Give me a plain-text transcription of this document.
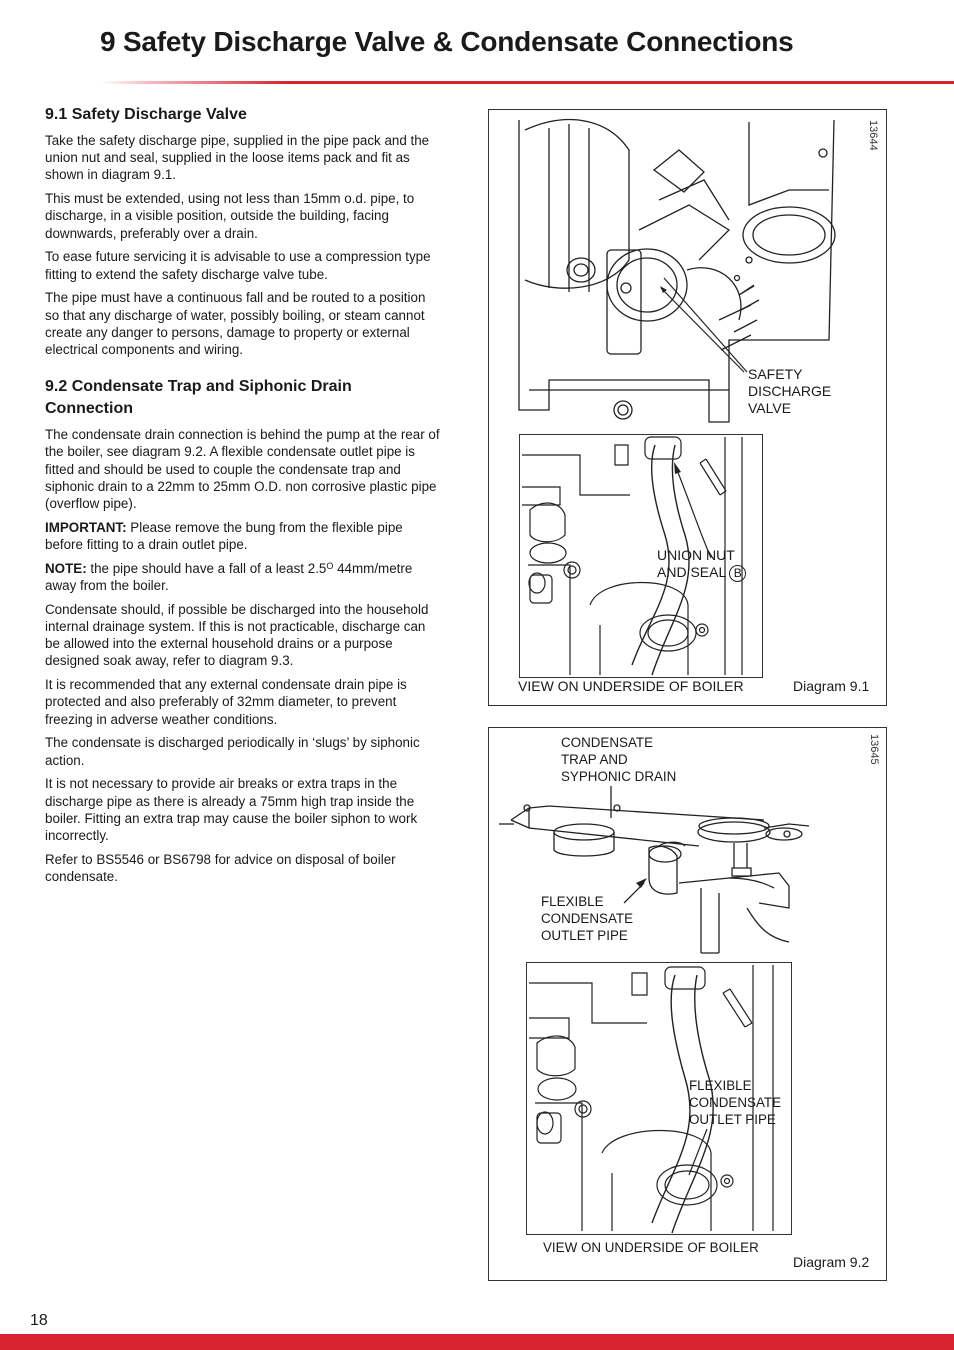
9 Safety Discharge Valve & Condensate Connections
9.1 Safety Discharge Valve

Take the safety discharge pipe, supplied in the pipe pack and the union nut and seal, supplied in the loose items pack and fit as shown in diagram 9.1.

This must be extended, using not less than 15mm o.d. pipe, to discharge, in a visible position, outside the building, facing downwards, preferably over a drain.

To ease future servicing it is advisable to use a compression type fitting to extend the safety discharge valve tube.

The pipe must have a continuous fall and be routed to a position so that any discharge of water, possibly boiling, or steam cannot create any danger to persons, damage to property or external electrical components and wiring.

9.2 Condensate Trap and Siphonic Drain Connection

The condensate drain connection is behind the pump at the rear of the boiler, see diagram 9.2. A flexible condensate outlet pipe is fitted and should be used to couple the condensate trap and siphonic drain to a 22mm to 25mm O.D. non corrosive plastic pipe (overflow pipe).

IMPORTANT: Please remove the bung from the flexible pipe before fitting to a drain outlet pipe.

NOTE: the pipe should have a fall of a least $2.5^O$ 44mm/metre away from the boiler.

Condensate should, if possible be discharged into the household internal drainage system. If this is not practicable, discharge can be allowed into the external household drains or a purpose designed soak away, refer to diagram 9.3.

It is recommended that any external condensate drain pipe is protected and also preferably of 32mm diameter, to prevent freezing in adverse weather conditions.

The condensate is discharged periodically in ‘slugs’ by siphonic action.

It is not necessary to provide air breaks or extra traps in the discharge pipe as there is already a 75mm high trap inside the boiler. Fitting an extra trap may cause the boiler siphon to work incorrectly.

Refer to BS5546 or BS6798 for advice on disposal of boiler condensate.

13644
SAFETY
DISCHARGE
VALVE
UNION NUT
AND SEAL B
VIEW ON UNDERSIDE OF BOILER	Diagram 9.1
13645
CONDENSATE
TRAP AND
SYPHONIC DRAIN
FLEXIBLE
CONDENSATE
OUTLET PIPE
FLEXIBLE
CONDENSATE
OUTLET PIPE
VIEW ON UNDERSIDE OF BOILER
Diagram 9.2
18
